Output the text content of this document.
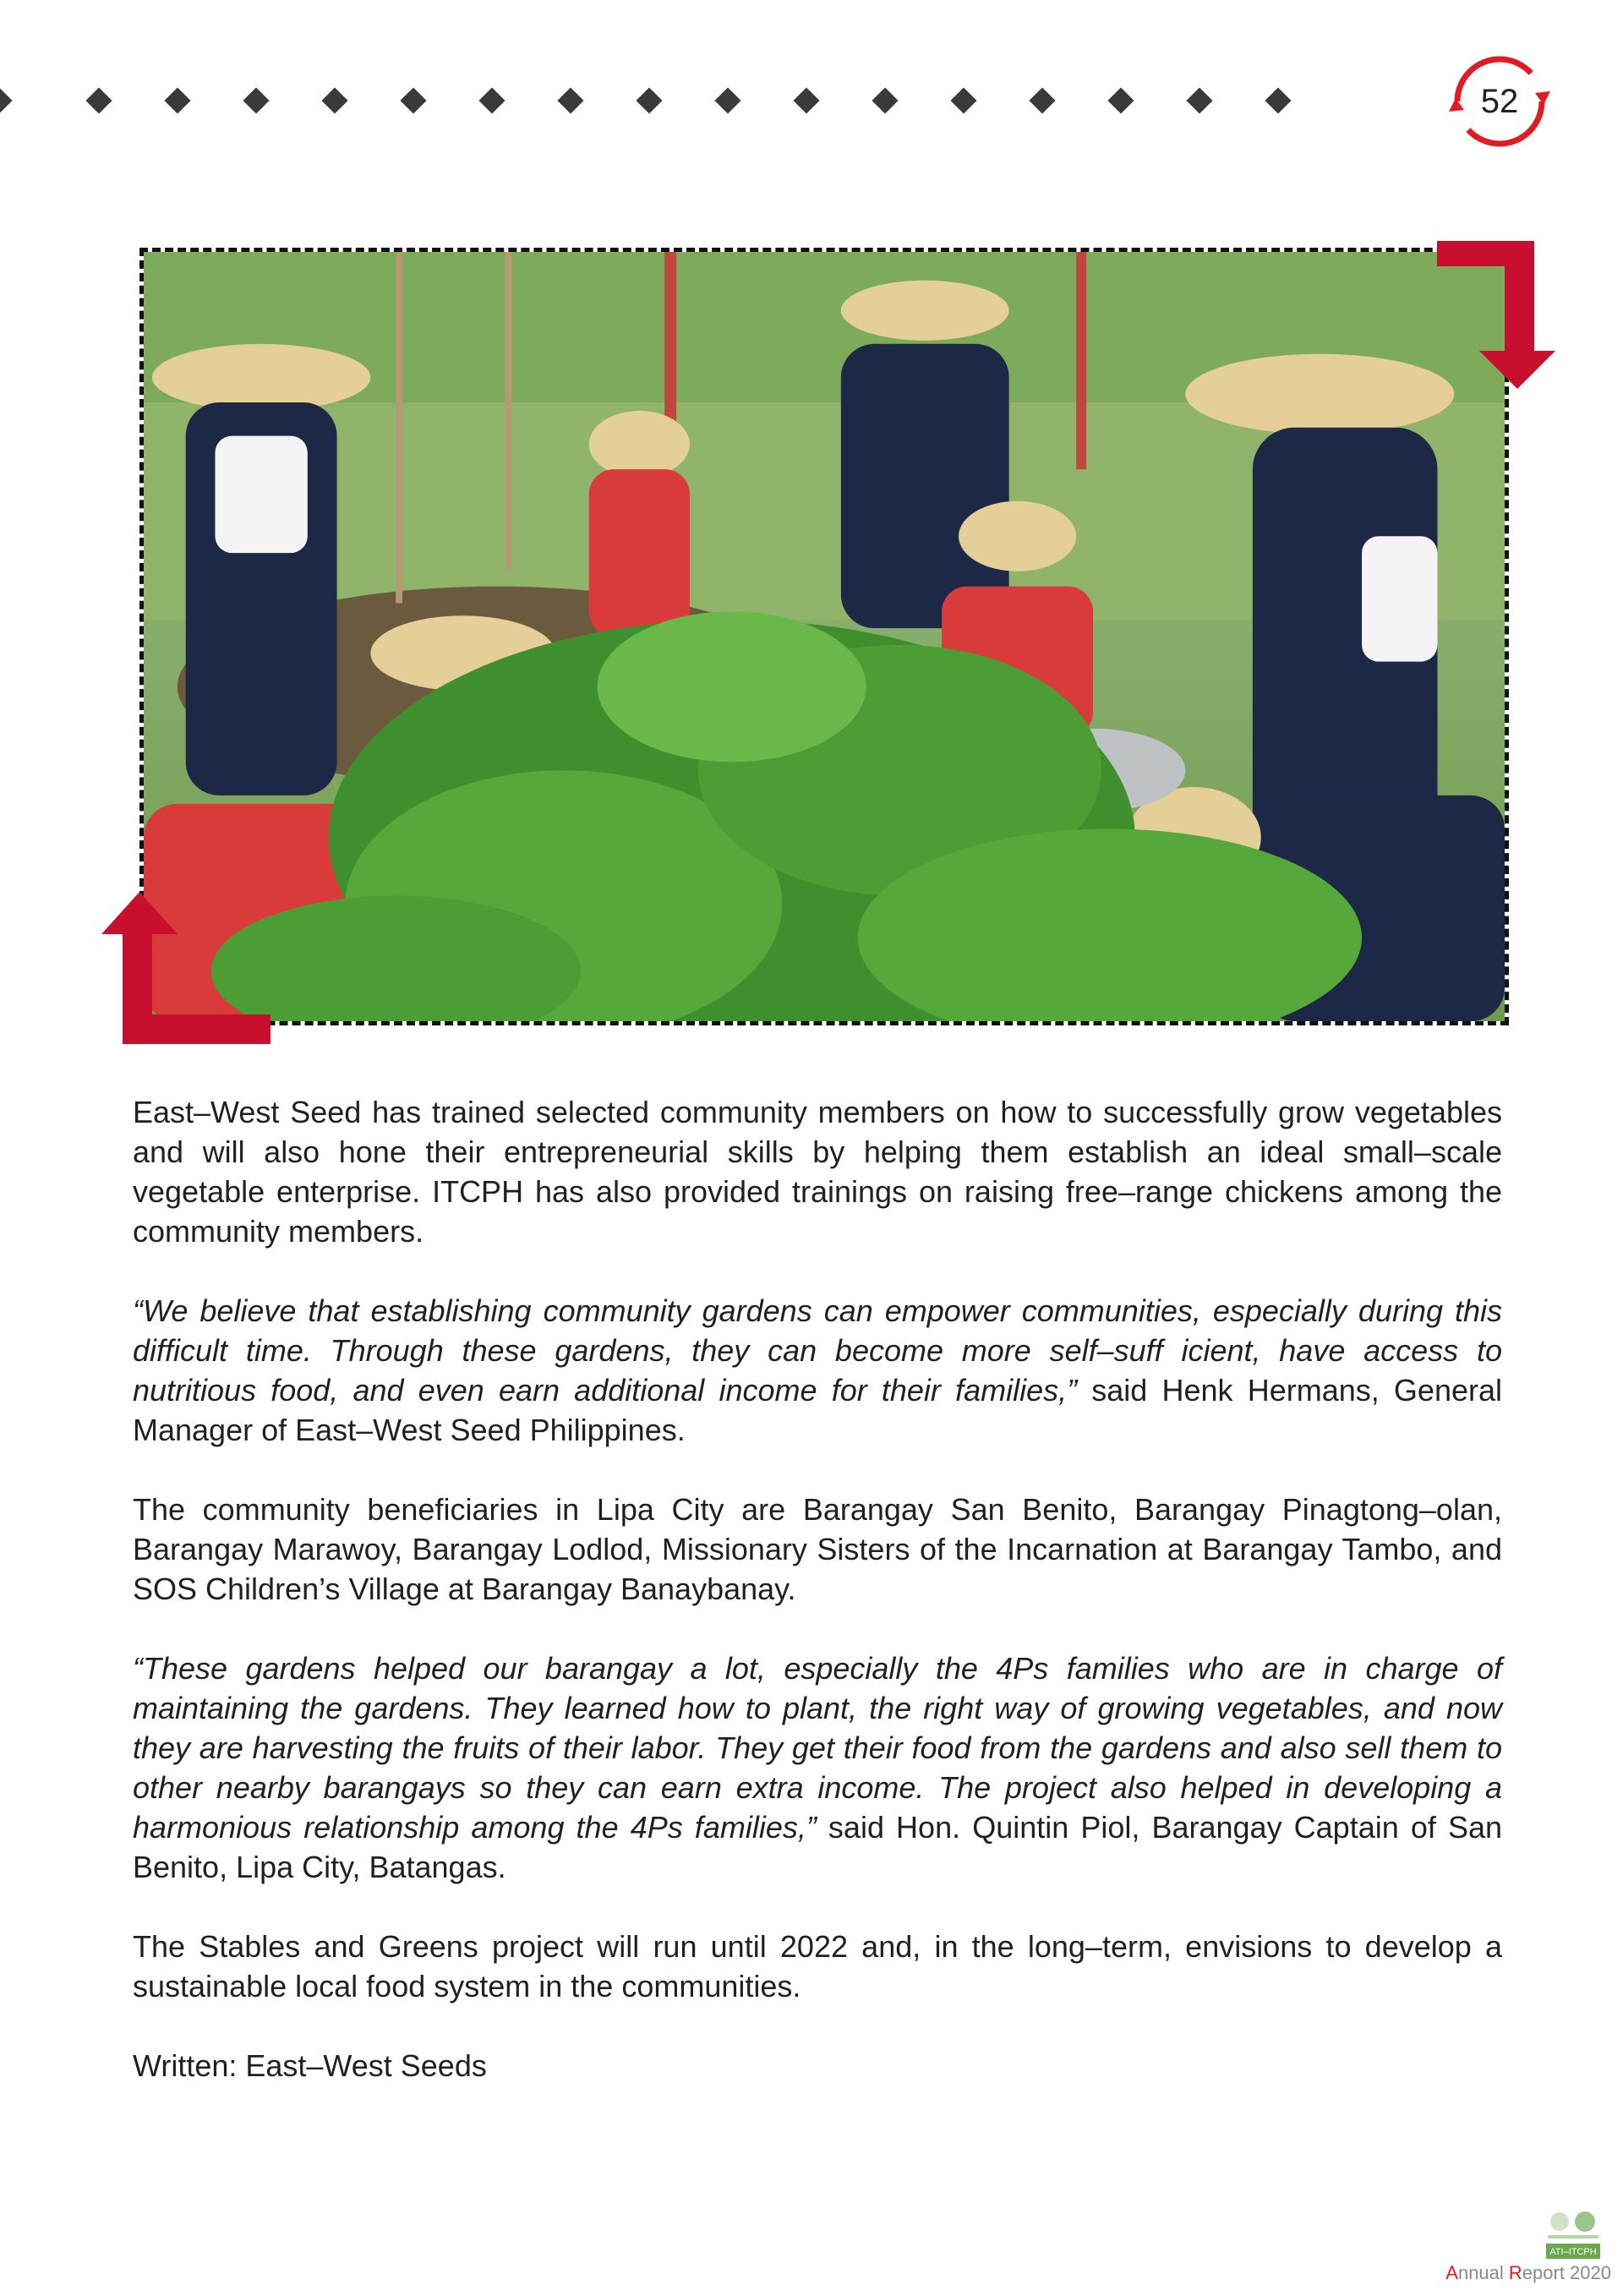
52

East–West Seed has trained selected community members on how to successfully grow vegetables and will also hone their entrepreneurial skills by helping them establish an ideal small–scale vegetable enterprise. ITCPH has also provided trainings on raising free–range chickens among the community members.

“We believe that establishing community gardens can empower communities, especially during this difficult time. Through these gardens, they can become more self–suff icient, have access to nutritious food, and even earn additional income for their families,” said Henk Hermans, General Manager of East–West Seed Philippines.

The community beneficiaries in Lipa City are Barangay San Benito, Barangay Pinagtong–olan, Barangay Marawoy, Barangay Lodlod, Missionary Sisters of the Incarnation at Barangay Tambo, and SOS Children’s Village at Barangay Banaybanay.

“These gardens helped our barangay a lot, especially the 4Ps families who are in charge of maintaining the gardens. They learned how to plant, the right way of growing vegetables, and now they are harvesting the fruits of their labor. They get their food from the gardens and also sell them to other nearby barangays so they can earn extra income. The project also helped in developing a harmonious relationship among the 4Ps families,” said Hon. Quintin Piol, Barangay Captain of San Benito, Lipa City, Batangas.

The Stables and Greens project will run until 2022 and, in the long–term, envisions to develop a sustainable local food system in the communities.

Written: East–West Seeds

ATI–ITCPH
Annual Report 2020
